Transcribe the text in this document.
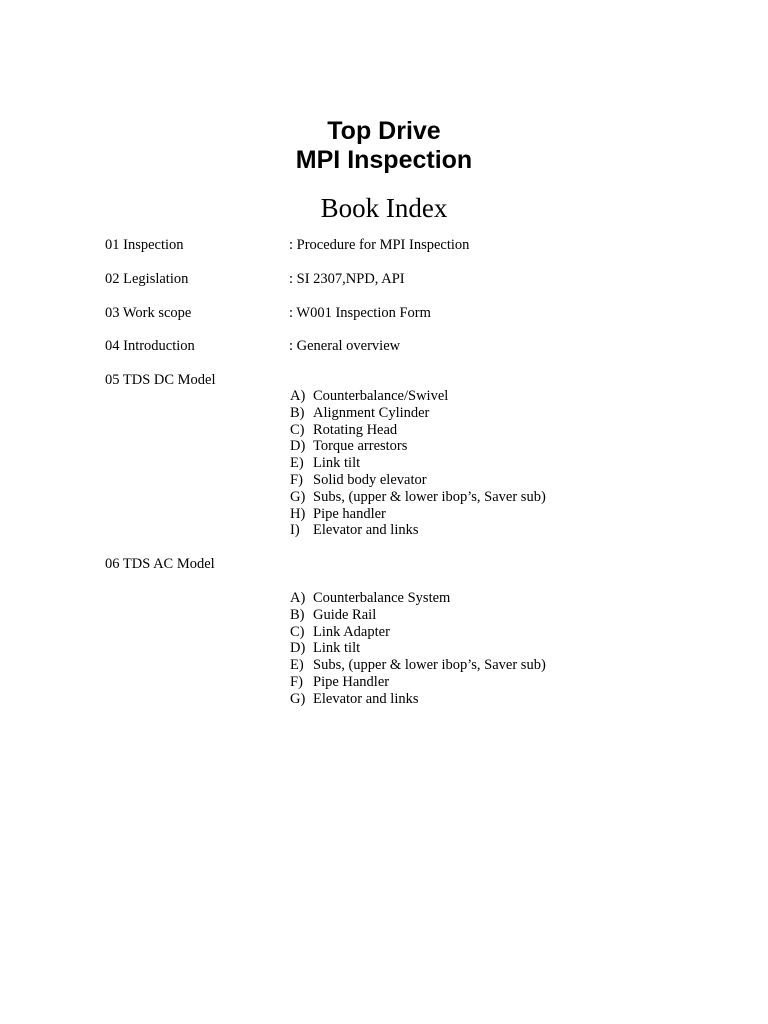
Top Drive
MPI Inspection
Book Index
01 Inspection	: Procedure for MPI Inspection
02 Legislation	: SI 2307,NPD, API
03 Work scope	: W001 Inspection Form
04 Introduction	: General overview
05 TDS DC Model
A) Counterbalance/Swivel
B) Alignment Cylinder
C) Rotating Head
D) Torque arrestors
E) Link tilt
F) Solid body elevator
G) Subs, (upper & lower ibop’s, Saver sub)
H) Pipe handler
I) Elevator and links
06 TDS AC Model
A) Counterbalance System
B) Guide Rail
C) Link Adapter
D) Link tilt
E) Subs, (upper & lower ibop’s, Saver sub)
F) Pipe Handler
G) Elevator and links
